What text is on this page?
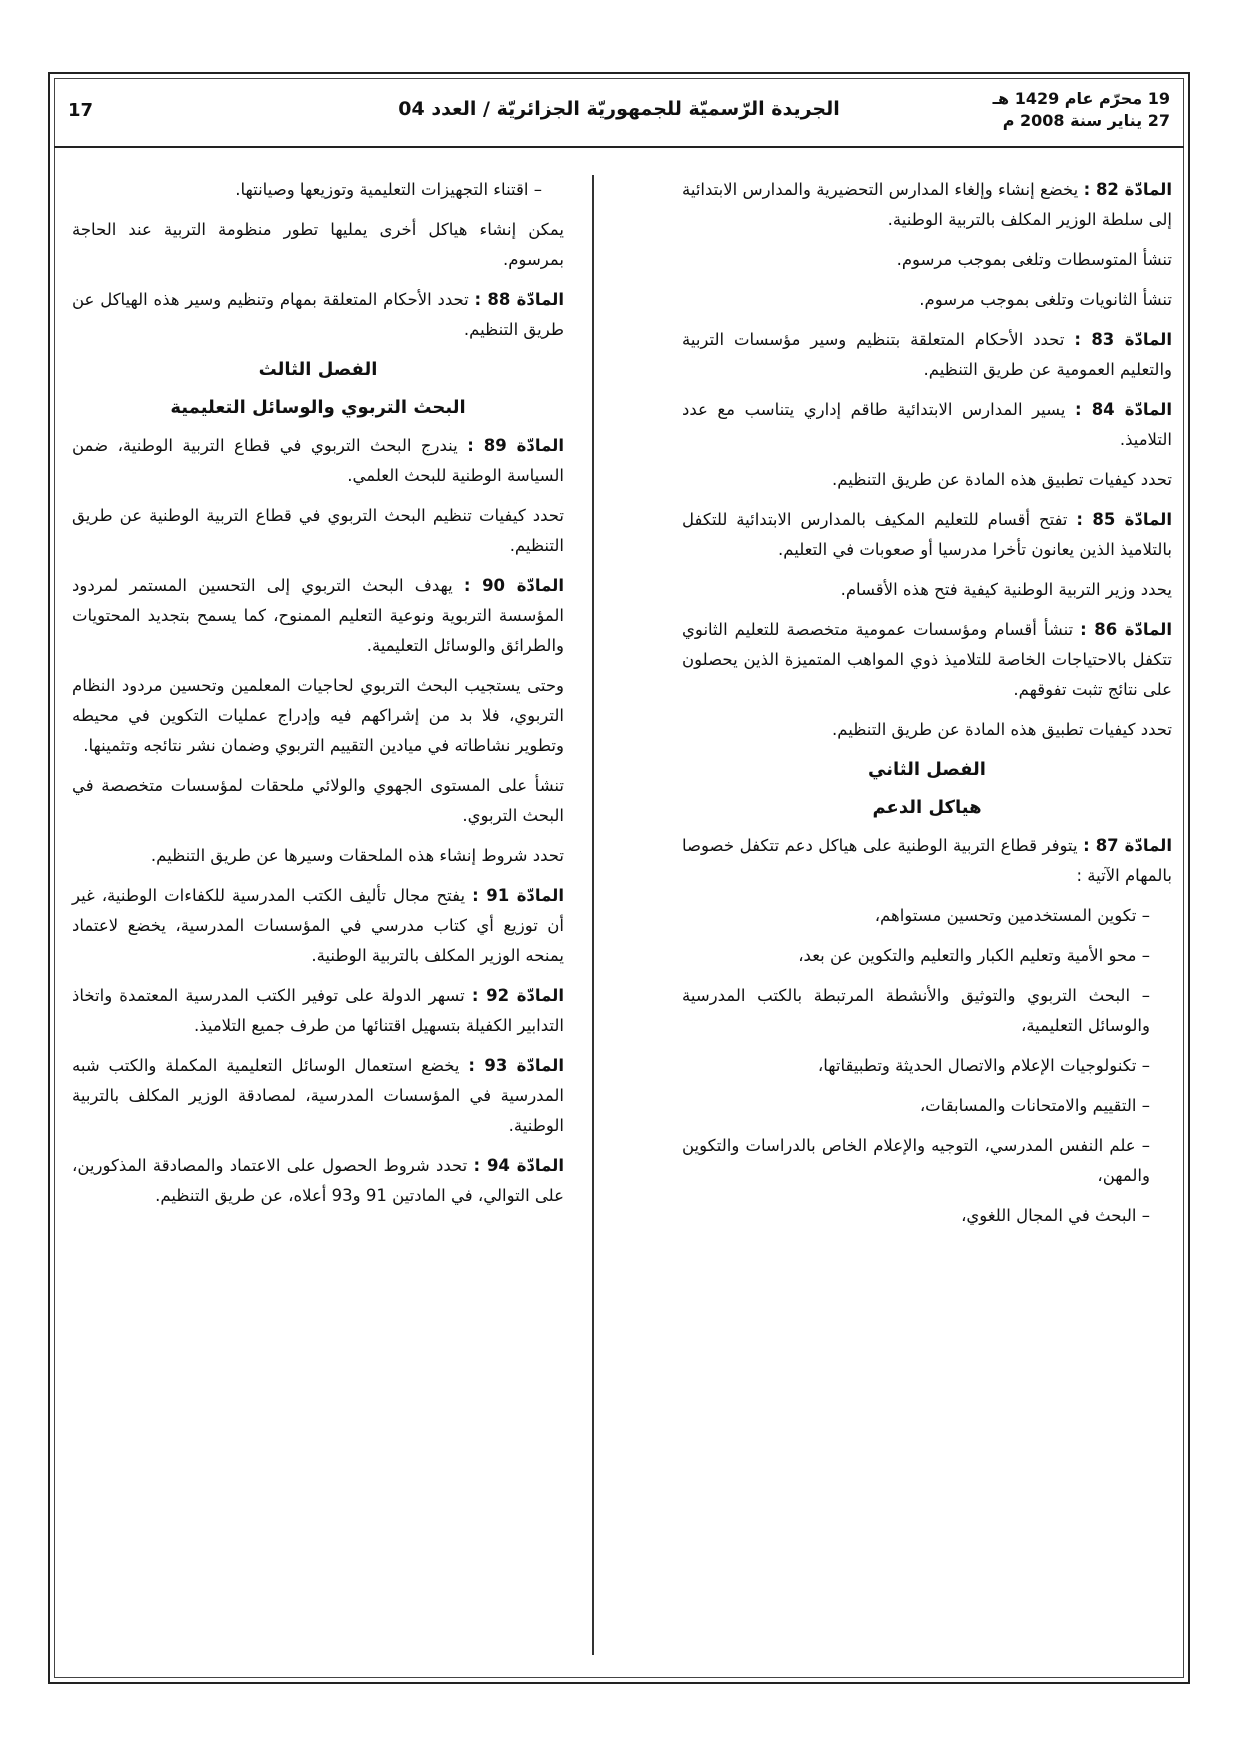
19 محرّم عام 1429 هـ
27 يناير سنة 2008 م
الجريدة الرّسميّة للجمهوريّة الجزائريّة / العدد 04
17

المادّة 82 : يخضع إنشاء وإلغاء المدارس التحضيرية والمدارس الابتدائية إلى سلطة الوزير المكلف بالتربية الوطنية.

تنشأ المتوسطات وتلغى بموجب مرسوم.

تنشأ الثانويات وتلغى بموجب مرسوم.

المادّة 83 : تحدد الأحكام المتعلقة بتنظيم وسير مؤسسات التربية والتعليم العمومية عن طريق التنظيم.

المادّة 84 : يسير المدارس الابتدائية طاقم إداري يتناسب مع عدد التلاميذ.

تحدد كيفيات تطبيق هذه المادة عن طريق التنظيم.

المادّة 85 : تفتح أقسام للتعليم المكيف بالمدارس الابتدائية للتكفل بالتلاميذ الذين يعانون تأخرا مدرسيا أو صعوبات في التعليم.

يحدد وزير التربية الوطنية كيفية فتح هذه الأقسام.

المادّة 86 : تنشأ أقسام ومؤسسات عمومية متخصصة للتعليم الثانوي تتكفل بالاحتياجات الخاصة للتلاميذ ذوي المواهب المتميزة الذين يحصلون على نتائج تثبت تفوقهم.

تحدد كيفيات تطبيق هذه المادة عن طريق التنظيم.

الفصل الثاني

هياكل الدعم

المادّة 87 : يتوفر قطاع التربية الوطنية على هياكل دعم تتكفل خصوصا بالمهام الآتية :

– تكوين المستخدمين وتحسين مستواهم،

– محو الأمية وتعليم الكبار والتعليم والتكوين عن بعد،

– البحث التربوي والتوثيق والأنشطة المرتبطة بالكتب المدرسية والوسائل التعليمية،

– تكنولوجيات الإعلام والاتصال الحديثة وتطبيقاتها،

– التقييم والامتحانات والمسابقات،

– علم النفس المدرسي، التوجيه والإعلام الخاص بالدراسات والتكوين والمهن،

– البحث في المجال اللغوي،

– اقتناء التجهيزات التعليمية وتوزيعها وصيانتها.

يمكن إنشاء هياكل أخرى يمليها تطور منظومة التربية عند الحاجة بمرسوم.

المادّة 88 : تحدد الأحكام المتعلقة بمهام وتنظيم وسير هذه الهياكل عن طريق التنظيم.

الفصل الثالث

البحث التربوي والوسائل التعليمية

المادّة 89 : يندرج البحث التربوي في قطاع التربية الوطنية، ضمن السياسة الوطنية للبحث العلمي.

تحدد كيفيات تنظيم البحث التربوي في قطاع التربية الوطنية عن طريق التنظيم.

المادّة 90 : يهدف البحث التربوي إلى التحسين المستمر لمردود المؤسسة التربوية ونوعية التعليم الممنوح، كما يسمح بتجديد المحتويات والطرائق والوسائل التعليمية.

وحتى يستجيب البحث التربوي لحاجيات المعلمين وتحسين مردود النظام التربوي، فلا بد من إشراكهم فيه وإدراج عمليات التكوين في محيطه وتطوير نشاطاته في ميادين التقييم التربوي وضمان نشر نتائجه وتثمينها.

تنشأ على المستوى الجهوي والولائي ملحقات لمؤسسات متخصصة في البحث التربوي.

تحدد شروط إنشاء هذه الملحقات وسيرها عن طريق التنظيم.

المادّة 91 : يفتح مجال تأليف الكتب المدرسية للكفاءات الوطنية، غير أن توزيع أي كتاب مدرسي في المؤسسات المدرسية، يخضع لاعتماد يمنحه الوزير المكلف بالتربية الوطنية.

المادّة 92 : تسهر الدولة على توفير الكتب المدرسية المعتمدة واتخاذ التدابير الكفيلة بتسهيل اقتنائها من طرف جميع التلاميذ.

المادّة 93 : يخضع استعمال الوسائل التعليمية المكملة والكتب شبه المدرسية في المؤسسات المدرسية، لمصادقة الوزير المكلف بالتربية الوطنية.

المادّة 94 : تحدد شروط الحصول على الاعتماد والمصادقة المذكورين، على التوالي، في المادتين 91 و93 أعلاه، عن طريق التنظيم.
